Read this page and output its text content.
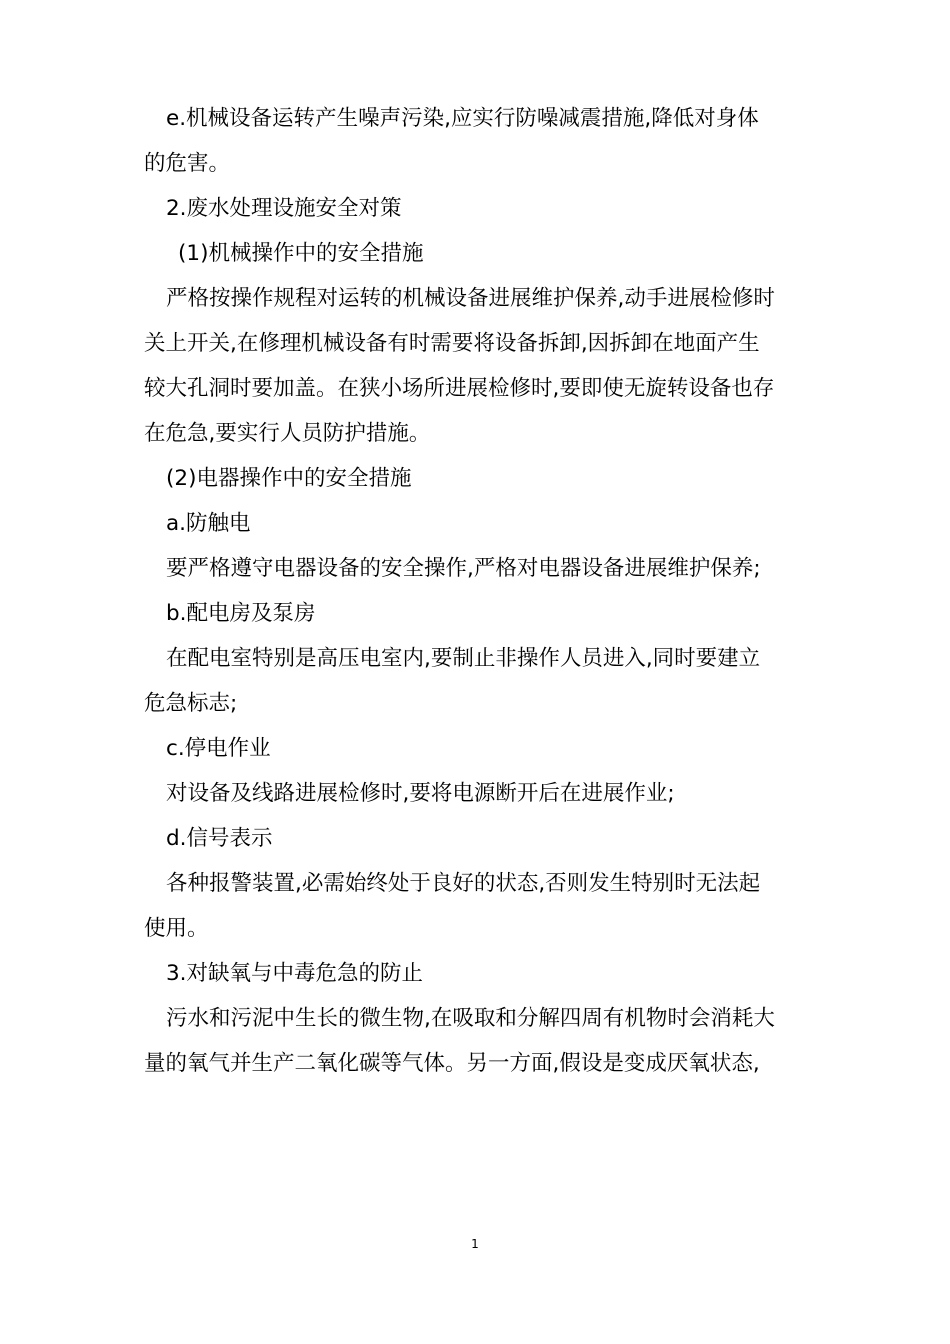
e.机械设备运转产生噪声污染,应实行防噪减震措施,降低对身体
的危害。
2.废水处理设施安全对策
(1)机械操作中的安全措施
严格按操作规程对运转的机械设备进展维护保养,动手进展检修时
关上开关,在修理机械设备有时需要将设备拆卸,因拆卸在地面产生
较大孔洞时要加盖。在狭小场所进展检修时,要即使无旋转设备也存
在危急,要实行人员防护措施。
(2)电器操作中的安全措施
a.防触电
要严格遵守电器设备的安全操作,严格对电器设备进展维护保养;
b.配电房及泵房
在配电室特别是高压电室内,要制止非操作人员进入,同时要建立
危急标志;
c.停电作业
对设备及线路进展检修时,要将电源断开后在进展作业;
d.信号表示
各种报警装置,必需始终处于良好的状态,否则发生特别时无法起
使用。
3.对缺氧与中毒危急的防止
污水和污泥中生长的微生物,在吸取和分解四周有机物时会消耗大
量的氧气并生产二氧化碳等气体。另一方面,假设是变成厌氧状态,
1
